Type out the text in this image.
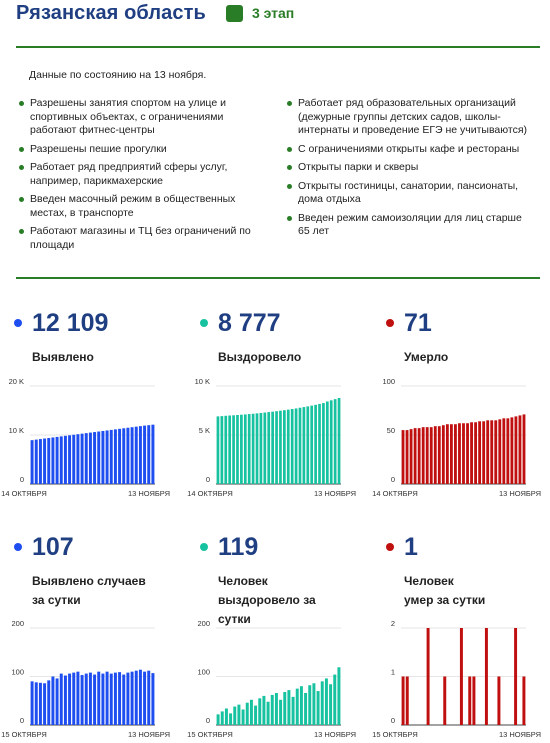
Рязанская область	3 этап
Данные по состоянию на 13 ноября.
Разрешены занятия спортом на улице и спортивных объектах, с ограничениями работают фитнес-центры
Разрешены пешие прогулки
Работает ряд предприятий сферы услуг, например, парикмахерские
Введен масочный режим в общественных местах, в транспорте
Работают магазины и ТЦ без ограничений по площади
Работает ряд образовательных организаций (дежурные группы детских садов, школы-интернаты и проведение ЕГЭ не учитываются)
С ограничениями открыты кафе и рестораны
Открыты парки и скверы
Открыты гостиницы, санатории, пансионаты, дома отдыха
Введен режим самоизоляции для лиц старше 65 лет
12 109
Выявлено
8 777
Выздоровело
71
Умерло
107
Выявлено случаев за сутки
119
Человек выздоровело за сутки
1
Человек умер за сутки
0
10 K
20 K
14 ОКТЯБРЯ	13 НОЯБРЯ
0
5 K
10 K
14 ОКТЯБРЯ	13 НОЯБРЯ
0
50
100
14 ОКТЯБРЯ	13 НОЯБРЯ
0
100
200
15 ОКТЯБРЯ	13 НОЯБРЯ
0
100
200
15 ОКТЯБРЯ	13 НОЯБРЯ
0
1
2
15 ОКТЯБРЯ	13 НОЯБРЯ
